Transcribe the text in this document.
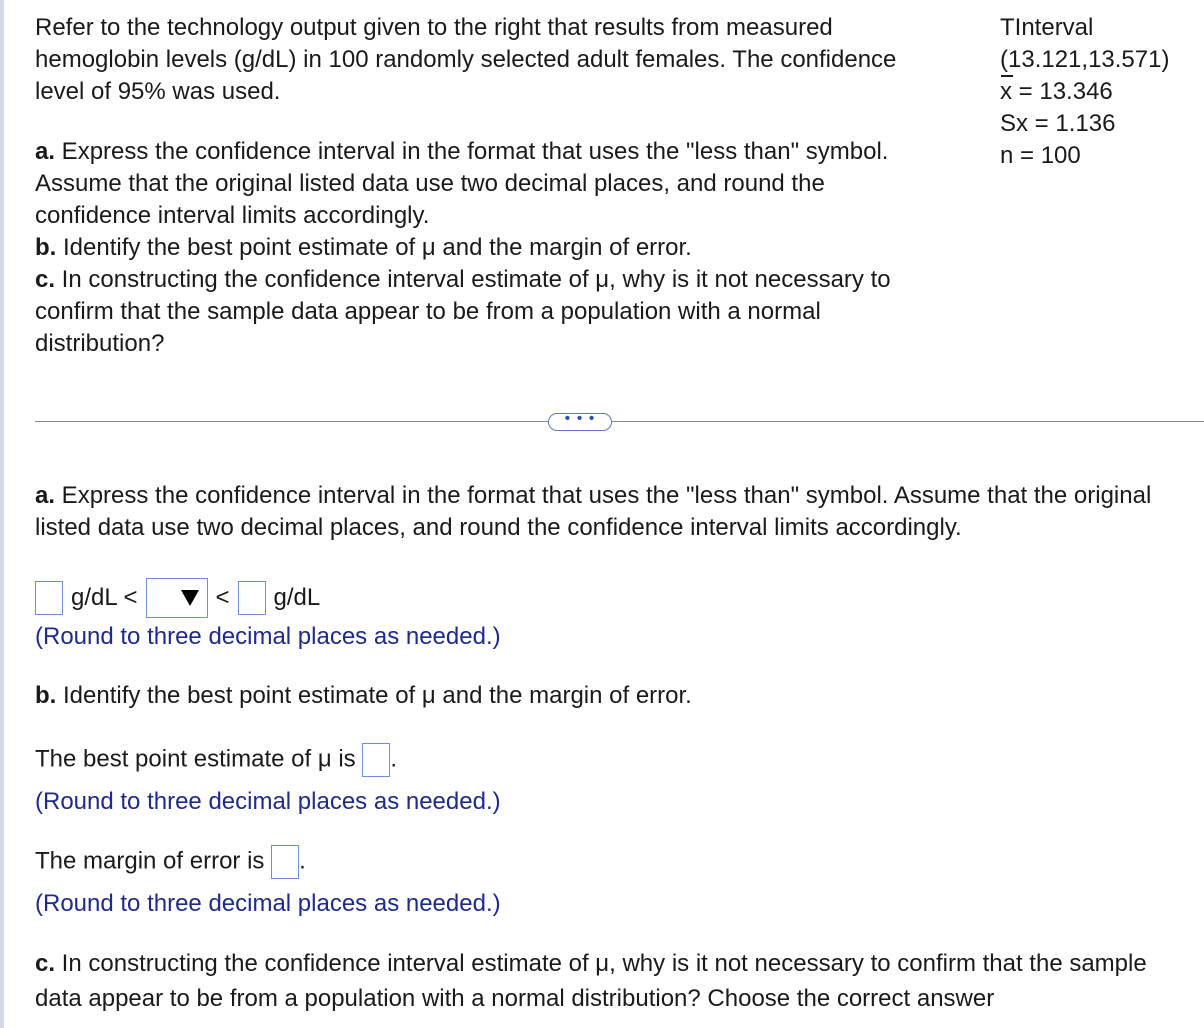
Refer to the technology output given to the right that results from measured hemoglobin levels (g/dL) in 100 randomly selected adult females. The confidence level of 95% was used.

a. Express the confidence interval in the format that uses the "less than" symbol. Assume that the original listed data use two decimal places, and round the confidence interval limits accordingly.

b. Identify the best point estimate of μ and the margin of error.

c. In constructing the confidence interval estimate of μ, why is it not necessary to confirm that the sample data appear to be from a population with a normal distribution?

TInterval
(13.121,13.571)
x = 13.346
Sx = 1.136
n = 100
• • •

a. Express the confidence interval in the format that uses the "less than" symbol. Assume that the original listed data use two decimal places, and round the confidence interval limits accordingly.

g/dL <	< g/dL
(Round to three decimal places as needed.)

b. Identify the best point estimate of μ and the margin of error.

The best point estimate of μ is .
(Round to three decimal places as needed.)
The margin of error is .
(Round to three decimal places as needed.)

c. In constructing the confidence interval estimate of μ, why is it not necessary to confirm that the sample data appear to be from a population with a normal distribution? Choose the correct answer
